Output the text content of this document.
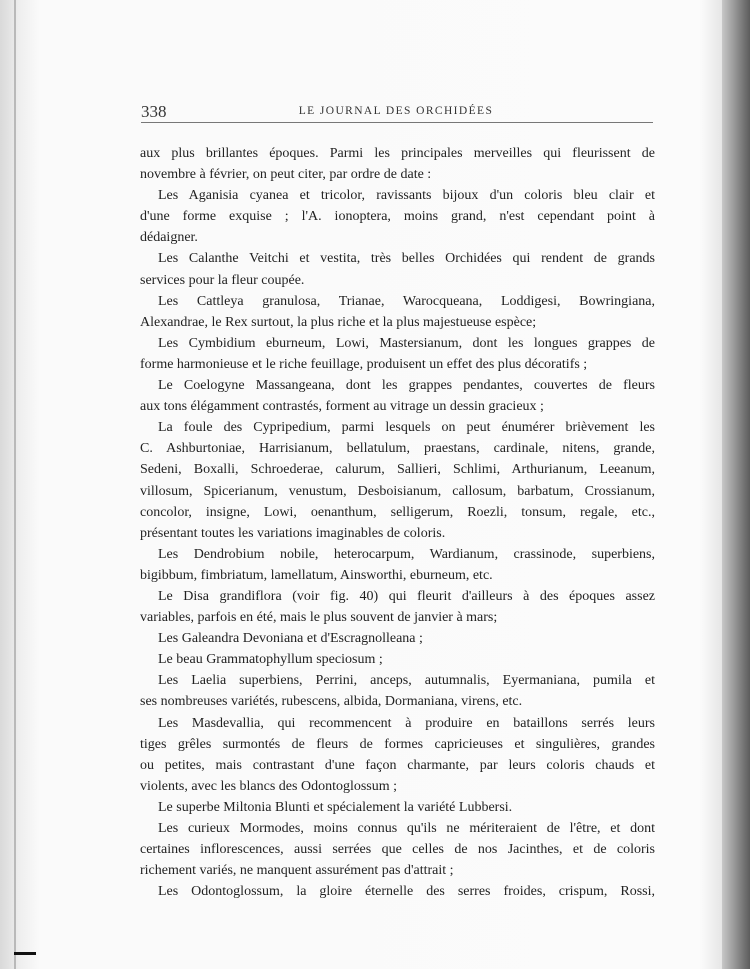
338	LE JOURNAL DES ORCHIDÉES
aux plus brillantes époques. Parmi les principales merveilles qui fleurissent de
novembre à février, on peut citer, par ordre de date :
Les Aganisia cyanea et tricolor, ravissants bijoux d'un coloris bleu clair et
d'une forme exquise ; l'A. ionoptera, moins grand, n'est cependant point à
dédaigner.
Les Calanthe Veitchi et vestita, très belles Orchidées qui rendent de grands
services pour la fleur coupée.
Les Cattleya granulosa, Trianae, Warocqueana, Loddigesi, Bowringiana,
Alexandrae, le Rex surtout, la plus riche et la plus majestueuse espèce;
Les Cymbidium eburneum, Lowi, Mastersianum, dont les longues grappes de
forme harmonieuse et le riche feuillage, produisent un effet des plus décoratifs ;
Le Coelogyne Massangeana, dont les grappes pendantes, couvertes de fleurs
aux tons élégamment contrastés, forment au vitrage un dessin gracieux ;
La foule des Cypripedium, parmi lesquels on peut énumérer brièvement les
C. Ashburtoniae, Harrisianum, bellatulum, praestans, cardinale, nitens, grande,
Sedeni, Boxalli, Schroederae, calurum, Sallieri, Schlimi, Arthurianum, Leeanum,
villosum, Spicerianum, venustum, Desboisianum, callosum, barbatum, Crossianum,
concolor, insigne, Lowi, oenanthum, selligerum, Roezli, tonsum, regale, etc.,
présentant toutes les variations imaginables de coloris.
Les Dendrobium nobile, heterocarpum, Wardianum, crassinode, superbiens,
bigibbum, fimbriatum, lamellatum, Ainsworthi, eburneum, etc.
Le Disa grandiflora (voir fig. 40) qui fleurit d'ailleurs à des époques assez
variables, parfois en été, mais le plus souvent de janvier à mars;
Les Galeandra Devoniana et d'Escragnolleana ;
Le beau Grammatophyllum speciosum ;
Les Laelia superbiens, Perrini, anceps, autumnalis, Eyermaniana, pumila et
ses nombreuses variétés, rubescens, albida, Dormaniana, virens, etc.
Les Masdevallia, qui recommencent à produire en bataillons serrés leurs
tiges grêles surmontés de fleurs de formes capricieuses et singulières, grandes
ou petites, mais contrastant d'une façon charmante, par leurs coloris chauds et
violents, avec les blancs des Odontoglossum ;
Le superbe Miltonia Blunti et spécialement la variété Lubbersi.
Les curieux Mormodes, moins connus qu'ils ne mériteraient de l'être, et dont
certaines inflorescences, aussi serrées que celles de nos Jacinthes, et de coloris
richement variés, ne manquent assurément pas d'attrait ;
Les Odontoglossum, la gloire éternelle des serres froides, crispum, Rossi,
